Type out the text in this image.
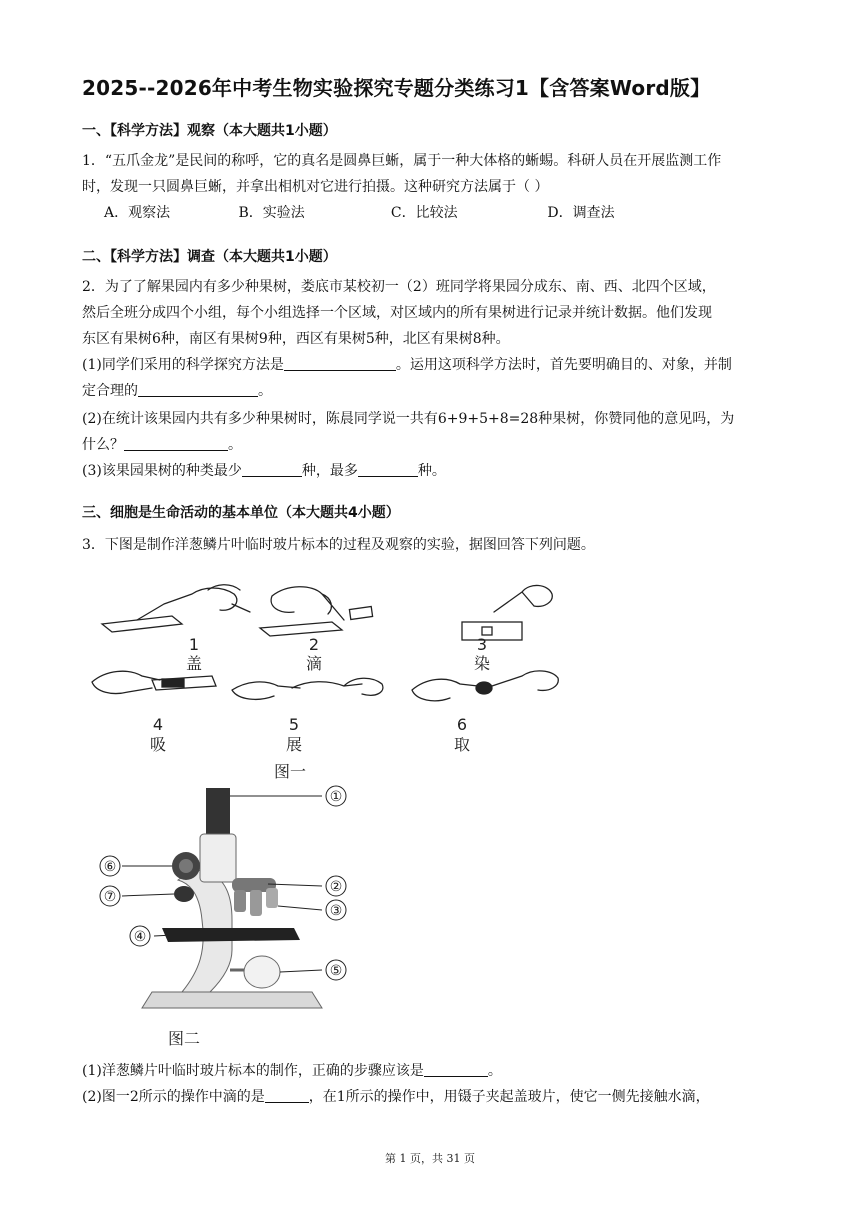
2025--2026年中考生物实验探究专题分类练习1【含答案Word版】
一、【科学方法】观察（本大题共1小题）
1．“五爪金龙”是民间的称呼，它的真名是圆鼻巨蜥，属于一种大体格的蜥蜴。科研人员在开展监测工作
时，发现一只圆鼻巨蜥，并拿出相机对它进行拍摄。这种研究方法属于（ ）
A．观察法	B．实验法	C．比较法	D．调查法
二、【科学方法】调查（本大题共1小题）
2．为了了解果园内有多少种果树，娄底市某校初一（2）班同学将果园分成东、南、西、北四个区域，
然后全班分成四个小组，每个小组选择一个区域，对区域内的所有果树进行记录并统计数据。他们发现
东区有果树6种，南区有果树9种，西区有果树5种，北区有果树8种。
(1)同学们采用的科学探究方法是	。运用这项科学方法时，首先要明确目的、对象，并制
定合理的	。
(2)在统计该果园内共有多少种果树时，陈晨同学说一共有6+9+5+8=28种果树，你赞同他的意见吗，为
什么？	。
(3)该果园果树的种类最少	种，最多	种。
三、细胞是生命活动的基本单位（本大题共4小题）
3．下图是制作洋葱鳞片叶临时玻片标本的过程及观察的实验，据图回答下列问题。
1
盖
2
滴
3
染
4
吸
5
展
6
取
图一
①
②
③
④
⑤
⑥
⑦
图二
(1)洋葱鳞片叶临时玻片标本的制作，正确的步骤应该是	。
(2)图一2所示的操作中滴的是	，在1所示的操作中，用镊子夹起盖玻片，使它一侧先接触水滴，
第 1 页，共 31 页
